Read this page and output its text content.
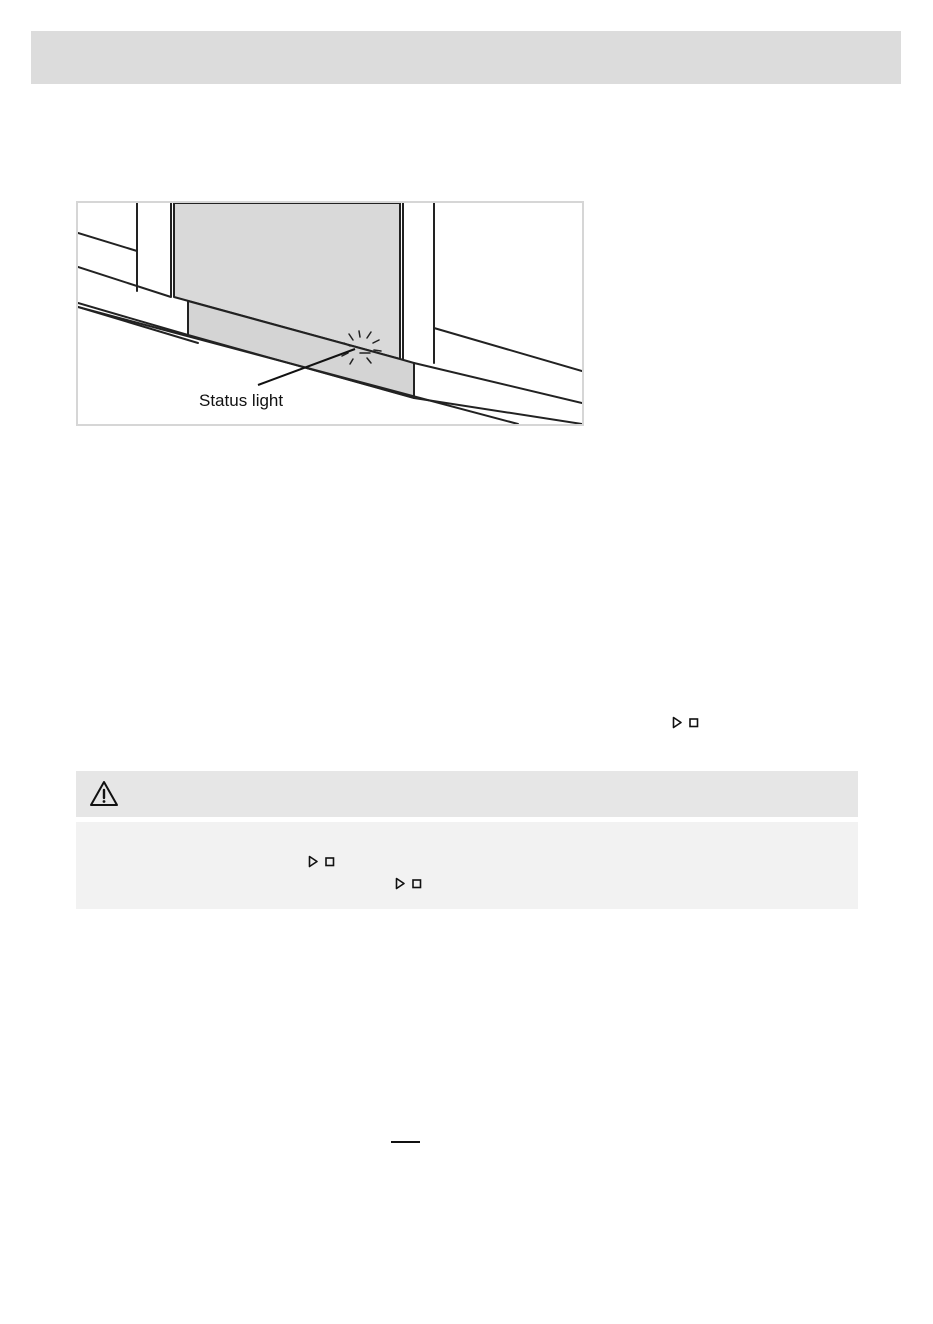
Status light
